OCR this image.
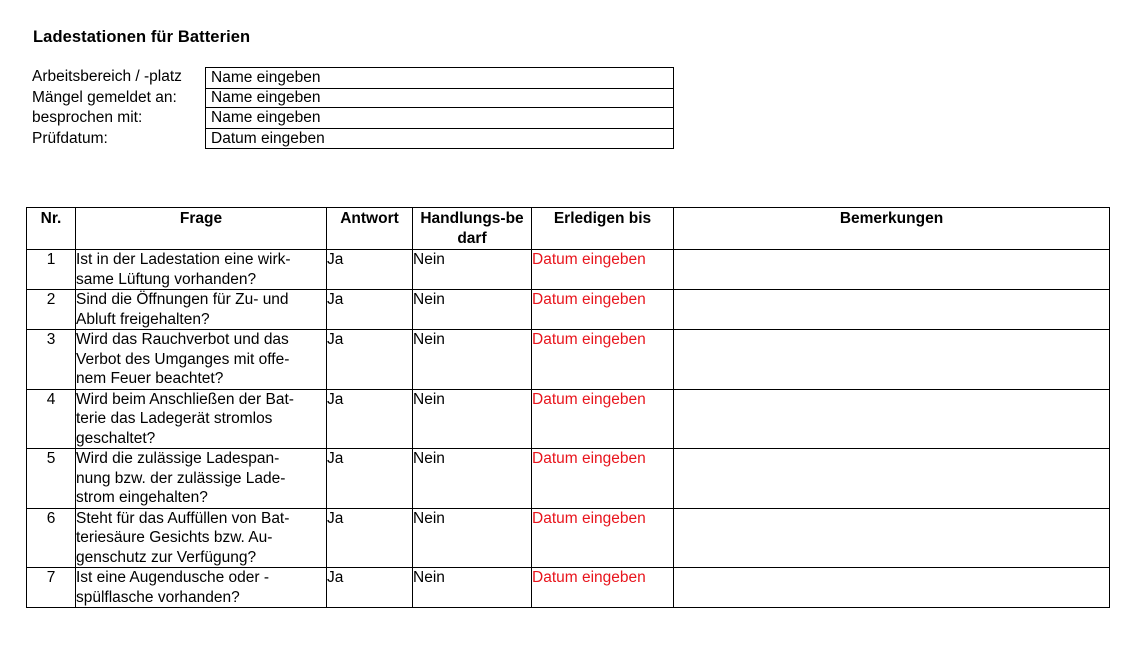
Ladestationen für Batterien
Arbeitsbereich / -platz	Name eingeben
Mängel gemeldet an:	Name eingeben
besprochen mit:	Name eingeben
Prüfdatum:	Datum eingeben
Nr.	Frage	Antwort	Handlungs-bedarf	Erledigen bis	Bemerkungen
1	Ist in der Ladestation eine wirk-
same Lüftung vorhanden?	Ja	Nein	Datum eingeben	
2	Sind die Öffnungen für Zu- und
Abluft freigehalten?	Ja	Nein	Datum eingeben	
3	Wird das Rauchverbot und das
Verbot des Umganges mit offe-
nem Feuer beachtet?	Ja	Nein	Datum eingeben	
4	Wird beim Anschließen der Bat-
terie das Ladegerät stromlos
geschaltet?	Ja	Nein	Datum eingeben	
5	Wird die zulässige Ladespan-
nung bzw. der zulässige Lade-
strom eingehalten?	Ja	Nein	Datum eingeben	
6	Steht für das Auffüllen von Bat-
teriesäure Gesichts bzw. Au-
genschutz zur Verfügung?	Ja	Nein	Datum eingeben	
7	Ist eine Augendusche oder -
spülflasche vorhanden?	Ja	Nein	Datum eingeben	
